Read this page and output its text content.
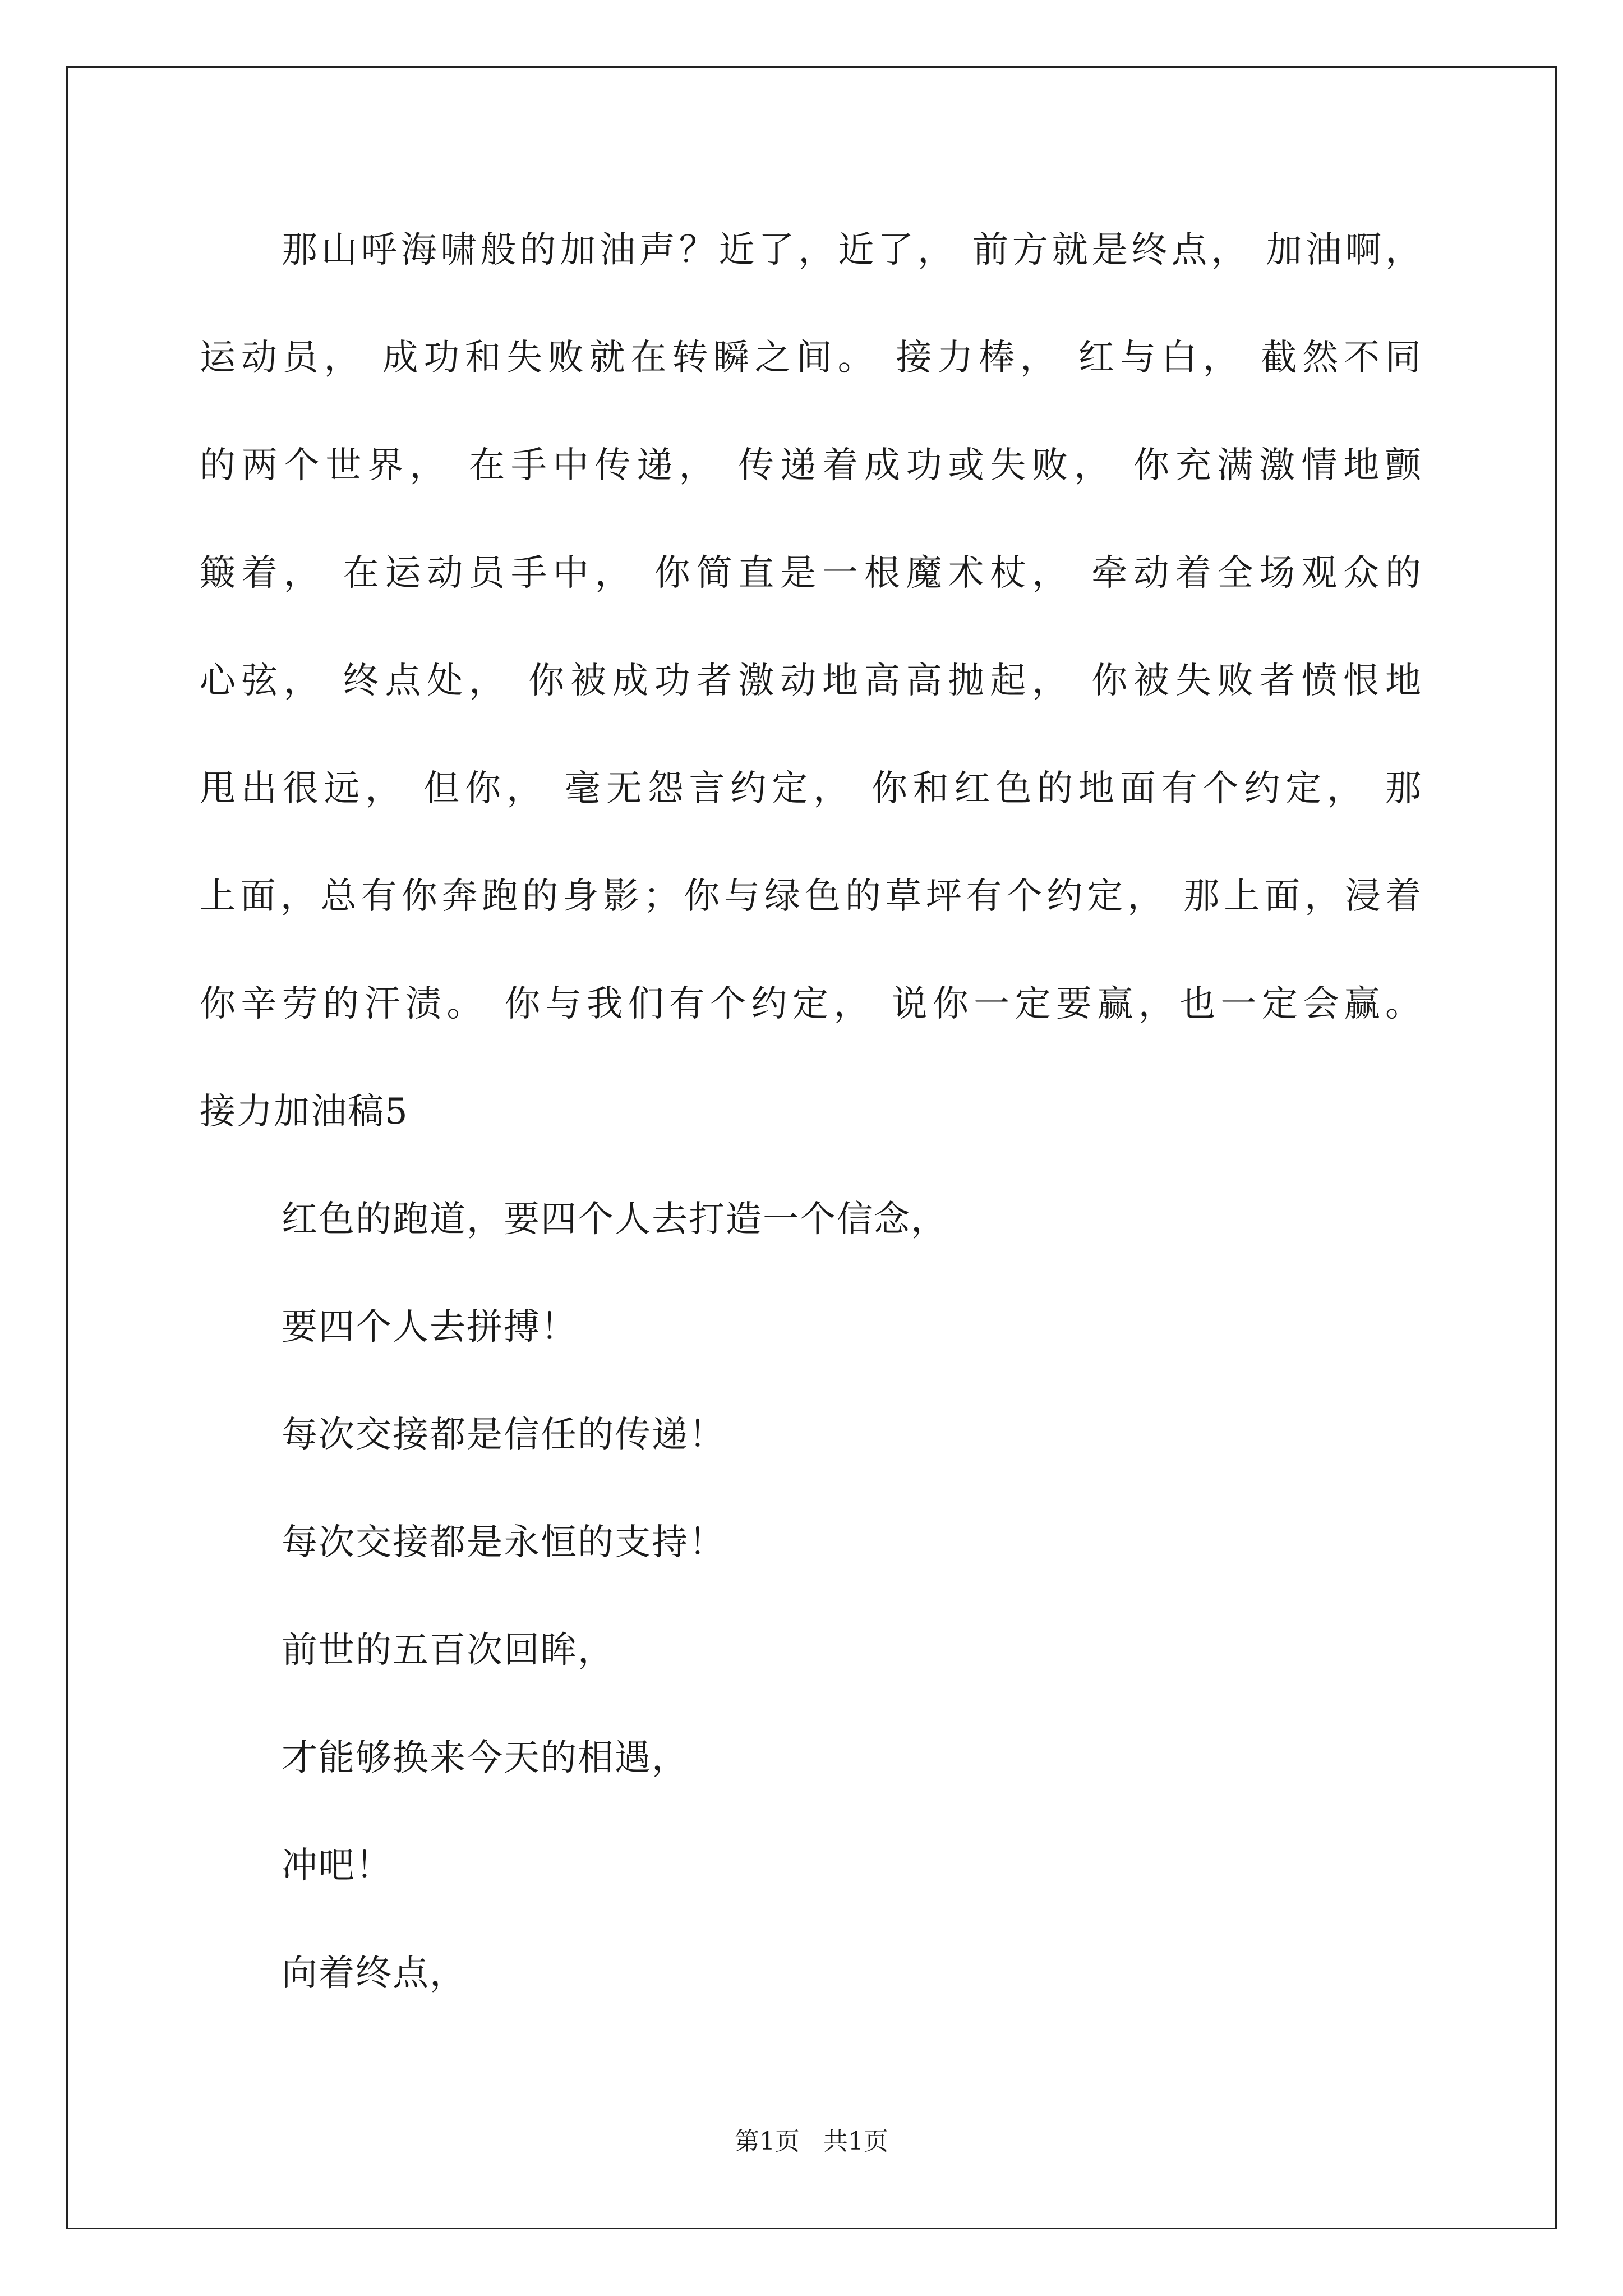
那山呼海啸般的加油声？近了，近了， 前方就是终点， 加油啊，
运动员， 成功和失败就在转瞬之间。 接力棒， 红与白， 截然不同
的两个世界， 在手中传递， 传递着成功或失败， 你充满激情地颤
簸着， 在运动员手中， 你简直是一根魔术杖， 牵动着全场观众的
心弦， 终点处， 你被成功者激动地高高抛起， 你被失败者愤恨地
甩出很远， 但你， 毫无怨言约定， 你和红色的地面有个约定， 那
上面，总有你奔跑的身影；你与绿色的草坪有个约定， 那上面，浸着
你辛劳的汗渍。 你与我们有个约定， 说你一定要赢，也一定会赢。
接力加油稿5
红色的跑道，要四个人去打造一个信念，
要四个人去拼搏！
每次交接都是信任的传递！
每次交接都是永恒的支持！
前世的五百次回眸，
才能够换来今天的相遇，
冲吧！
向着终点，
第1页 共1页
